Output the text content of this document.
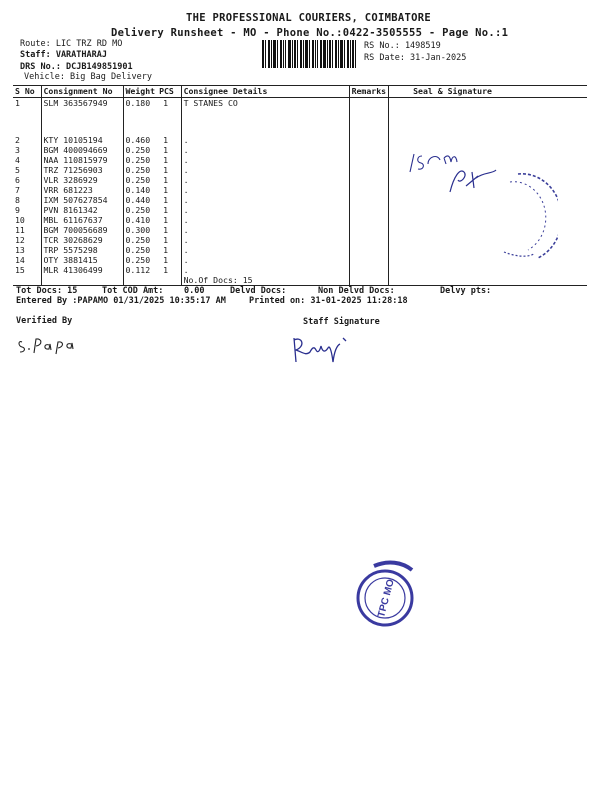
THE PROFESSIONAL COURIERS, COIMBATORE
Delivery Runsheet - MO - Phone No.:0422-3505555 - Page No.:1
Route: LIC TRZ RD MO
Staff: VARATHARAJ
DRS No.: DCJB149851901
Vehicle: Big Bag Delivery
RS No.: 1498519
RS Date: 31-Jan-2025
S No	Consignment No	Weight	PCS	Consignee Details	Remarks	Seal & Signature
1	SLM 363567949	0.180	1	T STANES CO		
2	KTY 10105194	0.460	1	.		
3	BGM 400094669	0.250	1	.		
4	NAA 110815979	0.250	1	.		
5	TRZ 71256903	0.250	1	.		
6	VLR 3286929	0.250	1	.		
7	VRR 681223	0.140	1	.		
8	IXM 507627854	0.440	1	.		
9	PVN 8161342	0.250	1	.		
10	MBL 61167637	0.410	1	.		
11	BGM 700056689	0.300	1	.		
12	TCR 30268629	0.250	1	.		
13	TRP 5575298	0.250	1	.		
14	OTY 3881415	0.250	1	.		
15	MLR 41306499	0.112	1	.		
				No.Of Docs: 15		
Tot Docs: 15	Tot COD Amt: 0.00	Delvd Docs:	Non Delvd Docs:	Delvy pts:
Entered By :PAPAMO 01/31/2025 10:35:17 AM	Printed on: 31-01-2025 11:28:18
Verified By	Staff Signature
TPC MO
